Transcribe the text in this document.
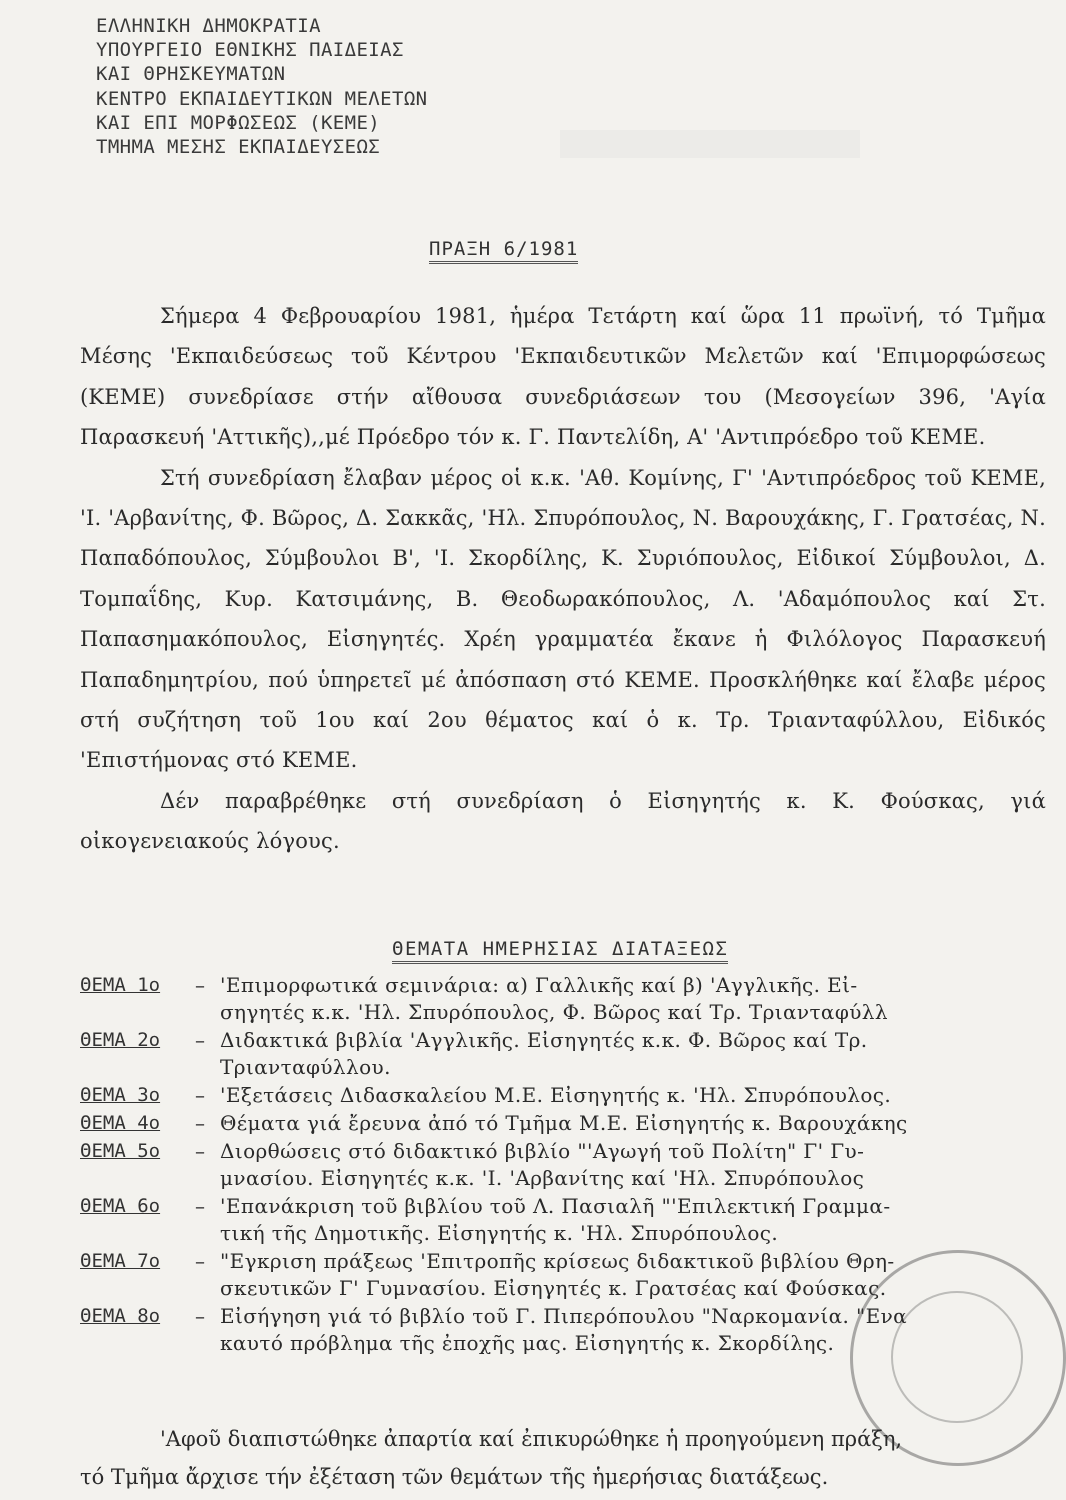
ΕΛΛΗΝΙΚΗ ΔΗΜΟΚΡΑΤΙΑ
ΥΠΟΥΡΓΕΙΟ ΕΘΝΙΚΗΣ ΠΑΙΔΕΙΑΣ
ΚΑΙ ΘΡΗΣΚΕΥΜΑΤΩΝ
ΚΕΝΤΡΟ ΕΚΠΑΙΔΕΥΤΙΚΩΝ ΜΕΛΕΤΩΝ
ΚΑΙ ΕΠΙ ΜΟΡΦΩΣΕΩΣ (ΚΕΜΕ)
ΤΜΗΜΑ ΜΕΣΗΣ ΕΚΠΑΙΔΕΥΣΕΩΣ
ΠΡΑΞΗ 6/1981

Σήμερα 4 Φεβρουαρίου 1981, ἡμέρα Τετάρτη καί ὥρα 11 πρωϊνή, τό Τμῆμα Μέσης 'Εκπαιδεύσεως τοῦ Κέντρου 'Εκπαιδευτικῶν Μελετῶν καί 'Επιμορφώσεως (ΚΕΜΕ) συνεδρίασε στήν αἴθουσα συνεδριάσεων του (Μεσογείων 396, 'Αγία Παρασκευή 'Αττικῆς),,μέ Πρόεδρο τόν κ. Γ. Παντελίδη, Α' 'Αντιπρόεδρο τοῦ ΚΕΜΕ.

Στή συνεδρίαση ἔλαβαν μέρος οἱ κ.κ. 'Αθ. Κομίνης, Γ' 'Αντιπρόεδρος τοῦ ΚΕΜΕ, 'Ι. 'Αρβανίτης, Φ. Βῶρος, Δ. Σακκᾶς, 'Ηλ. Σπυρόπουλος, Ν. Βαρουχάκης, Γ. Γρατσέας, Ν. Παπαδόπουλος, Σύμβουλοι Β', 'Ι. Σκορδίλης, Κ. Συριόπουλος, Εἰδικοί Σύμβουλοι, Δ. Τομπαΐδης, Κυρ. Κατσιμάνης, Β. Θεοδωρακόπουλος, Λ. 'Αδαμόπουλος καί Στ. Παπασημακόπουλος, Εἰσηγητές. Χρέη γραμματέα ἔκανε ἡ Φιλόλογος Παρασκευή Παπαδημητρίου, πού ὑπηρετεῖ μέ ἀπόσπαση στό ΚΕΜΕ. Προσκλήθηκε καί ἔλαβε μέρος στή συζήτηση τοῦ 1ου καί 2ου θέματος καί ὁ κ. Τρ. Τριανταφύλλου, Εἰδικός 'Επιστήμονας στό ΚΕΜΕ.

Δέν παραβρέθηκε στή συνεδρίαση ὁ Εἰσηγητής κ. Κ. Φούσκας, γιά οἰκογενειακούς λόγους.

ΘΕΜΑΤΑ ΗΜΕΡΗΣΙΑΣ ΔΙΑΤΑΞΕΩΣ
ΘΕΜΑ 1ο	– 'Επιμορφωτικά σεμινάρια: α) Γαλλικῆς καί β) 'Αγγλικῆς. Εἰ-
σηγητές κ.κ. 'Ηλ. Σπυρόπουλος, Φ. Βῶρος καί Τρ. Τριανταφύλλ
ΘΕΜΑ 2ο	– Διδακτικά βιβλία 'Αγγλικῆς. Εἰσηγητές κ.κ. Φ. Βῶρος καί Τρ.
Τριανταφύλλου.
ΘΕΜΑ 3ο	– 'Εξετάσεις Διδασκαλείου Μ.Ε. Εἰσηγητής κ. 'Ηλ. Σπυρόπουλος.
ΘΕΜΑ 4ο	– Θέματα γιά ἔρευνα ἀπό τό Τμῆμα Μ.Ε. Εἰσηγητής κ. Βαρουχάκης
ΘΕΜΑ 5ο	– Διορθώσεις στό διδακτικό βιβλίο "'Αγωγή τοῦ Πολίτη" Γ' Γυ-
μνασίου. Εἰσηγητές κ.κ. 'Ι. 'Αρβανίτης καί 'Ηλ. Σπυρόπουλος
ΘΕΜΑ 6ο	– 'Επανάκριση τοῦ βιβλίου τοῦ Λ. Πασιαλῆ "'Επιλεκτική Γραμμα-
τική τῆς Δημοτικῆς. Εἰσηγητής κ. 'Ηλ. Σπυρόπουλος.
ΘΕΜΑ 7ο	– "Εγκριση πράξεως 'Επιτροπῆς κρίσεως διδακτικοῦ βιβλίου Θρη-
σκευτικῶν Γ' Γυμνασίου. Εἰσηγητές κ. Γρατσέας καί Φούσκας.
ΘΕΜΑ 8ο	– Εἰσήγηση γιά τό βιβλίο τοῦ Γ. Πιπερόπουλου "Ναρκομανία. "Ενα
καυτό πρόβλημα τῆς ἐποχῆς μας. Εἰσηγητής κ. Σκορδίλης.

'Αφοῦ διαπιστώθηκε ἀπαρτία καί ἐπικυρώθηκε ἡ προηγούμενη πράξη,

τό Τμῆμα ἄρχισε τήν ἐξέταση τῶν θεμάτων τῆς ἡμερήσιας διατάξεως.
